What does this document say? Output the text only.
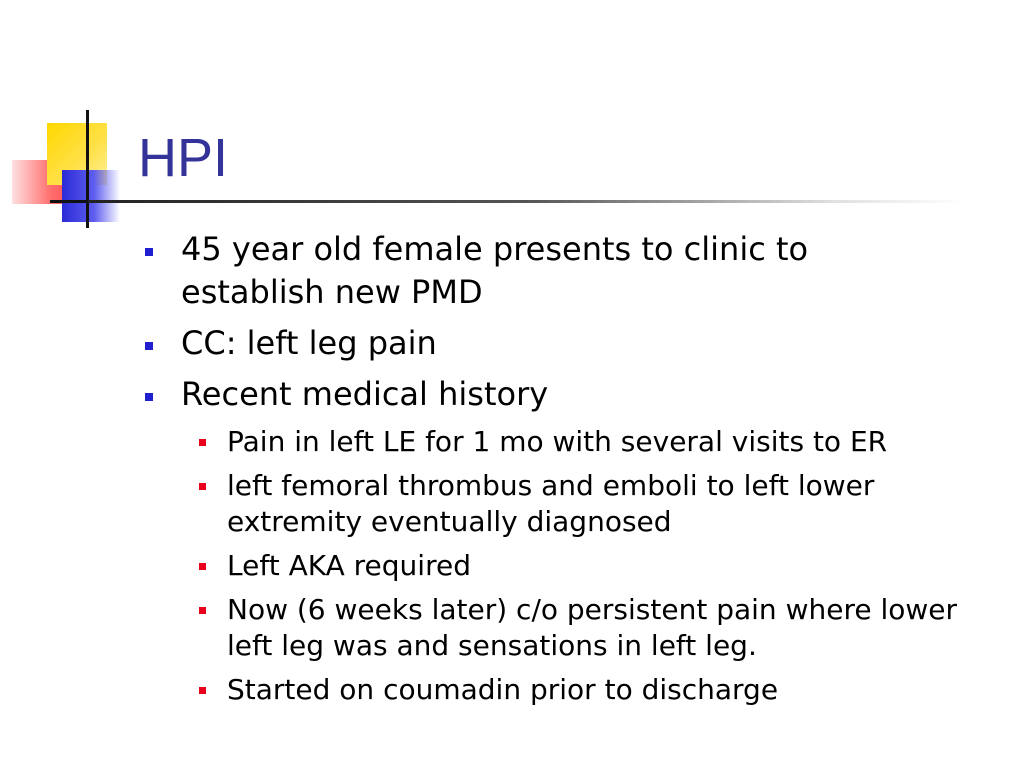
HPI
45 year old female presents to clinic to establish new PMD
CC: left leg pain
Recent medical history
Pain in left LE for 1 mo with several visits to ER
left femoral thrombus and emboli to left lower extremity eventually diagnosed
Left AKA required
Now (6 weeks later) c/o persistent pain where lower left leg was and sensations in left leg.
Started on coumadin prior to discharge
